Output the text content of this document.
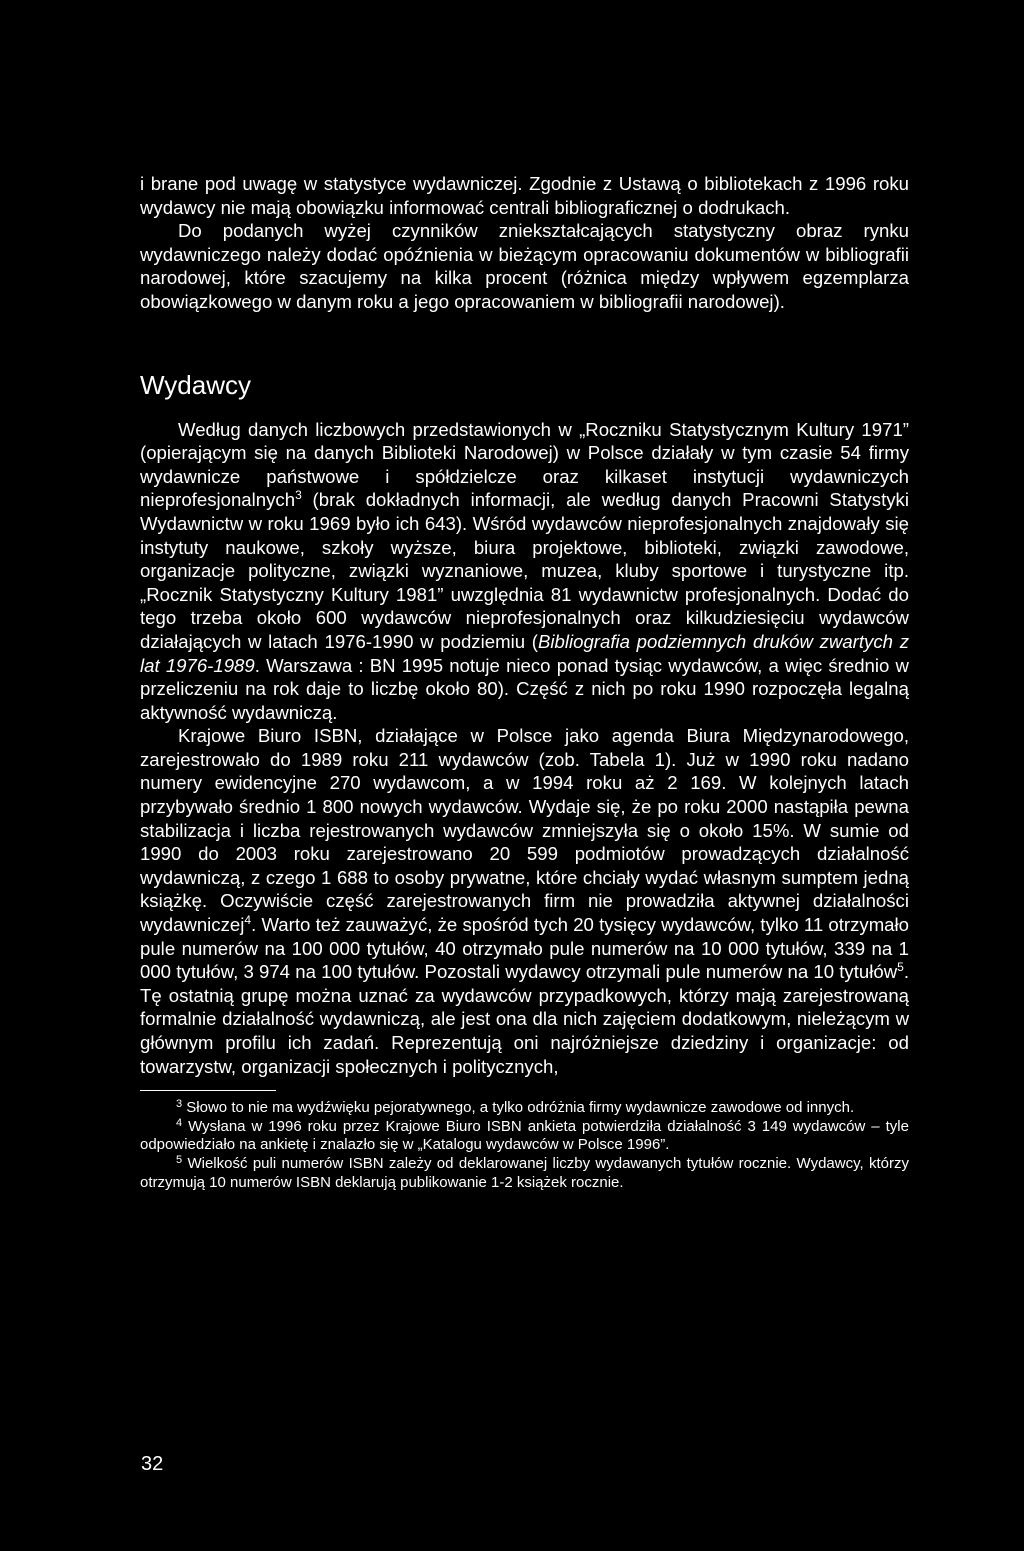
i brane pod uwagę w statystyce wydawniczej. Zgodnie z Ustawą o bibliotekach z 1996 roku wydawcy nie mają obowiązku informować centrali bibliograficznej o dodrukach.

Do podanych wyżej czynników zniekształcających statystyczny obraz rynku wydawniczego należy dodać opóźnienia w bieżącym opracowaniu dokumentów w bibliografii narodowej, które szacujemy na kilka procent (różnica między wpływem egzemplarza obowiązkowego w danym roku a jego opracowaniem w bibliografii narodowej).

Wydawcy

Według danych liczbowych przedstawionych w „Roczniku Statystycznym Kultury 1971” (opierającym się na danych Biblioteki Narodowej) w Polsce działały w tym czasie 54 firmy wydawnicze państwowe i spółdzielcze oraz kilkaset instytucji wydawniczych nieprofesjonalnych$^3$ (brak dokładnych informacji, ale według danych Pracowni Statystyki Wydawnictw w roku 1969 było ich 643). Wśród wydawców nieprofesjonalnych znajdowały się instytuty naukowe, szkoły wyższe, biura projektowe, biblioteki, związki zawodowe, organizacje polityczne, związki wyznaniowe, muzea, kluby sportowe i turystyczne itp. „Rocznik Statystyczny Kultury 1981” uwzględnia 81 wydawnictw profesjonalnych. Dodać do tego trzeba około 600 wydawców nieprofesjonalnych oraz kilkudziesięciu wydawców działających w latach 1976-1990 w podziemiu (Bibliografia podziemnych druków zwartych z lat 1976-1989. Warszawa : BN 1995 notuje nieco ponad tysiąc wydawców, a więc średnio w przeliczeniu na rok daje to liczbę około 80). Część z nich po roku 1990 rozpoczęła legalną aktywność wydawniczą.

Krajowe Biuro ISBN, działające w Polsce jako agenda Biura Międzynarodowego, zarejestrowało do 1989 roku 211 wydawców (zob. Tabela 1). Już w 1990 roku nadano numery ewidencyjne 270 wydawcom, a w 1994 roku aż 2 169. W kolejnych latach przybywało średnio 1 800 nowych wydawców. Wydaje się, że po roku 2000 nastąpiła pewna stabilizacja i liczba rejestrowanych wydawców zmniejszyła się o około 15%. W sumie od 1990 do 2003 roku zarejestrowano 20 599 podmiotów prowadzących działalność wydawniczą, z czego 1 688 to osoby prywatne, które chciały wydać własnym sumptem jedną książkę. Oczywiście część zarejestrowanych firm nie prowadziła aktywnej działalności wydawniczej$^4$. Warto też zauważyć, że spośród tych 20 tysięcy wydawców, tylko 11 otrzymało pule numerów na 100 000 tytułów, 40 otrzymało pule numerów na 10 000 tytułów, 339 na 1 000 tytułów, 3 974 na 100 tytułów. Pozostali wydawcy otrzymali pule numerów na 10 tytułów$^5$. Tę ostatnią grupę można uznać za wydawców przypadkowych, którzy mają zarejestrowaną formalnie działalność wydawniczą, ale jest ona dla nich zajęciem dodatkowym, nieleżącym w głównym profilu ich zadań. Reprezentują oni najróżniejsze dziedziny i organizacje: od towarzystw, organizacji społecznych i politycznych,

$^3$ Słowo to nie ma wydźwięku pejoratywnego, a tylko odróżnia firmy wydawnicze zawodowe od innych.

$^4$ Wysłana w 1996 roku przez Krajowe Biuro ISBN ankieta potwierdziła działalność 3 149 wydawców – tyle odpowiedziało na ankietę i znalazło się w „Katalogu wydawców w Polsce 1996”.

$^5$ Wielkość puli numerów ISBN zależy od deklarowanej liczby wydawanych tytułów rocznie. Wydawcy, którzy otrzymują 10 numerów ISBN deklarują publikowanie 1-2 książek rocznie.

32
